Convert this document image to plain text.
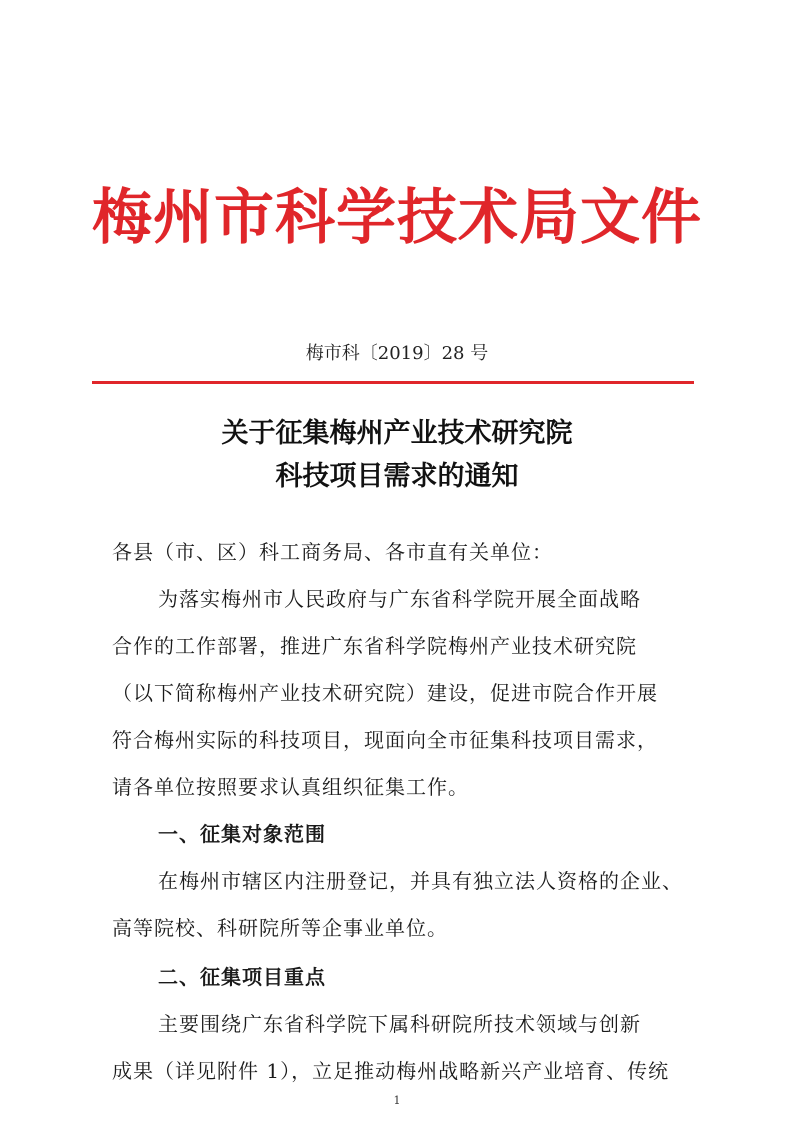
梅州市科学技术局文件
梅市科〔2019〕28 号
关于征集梅州产业技术研究院
科技项目需求的通知
各县（市、区）科工商务局、各市直有关单位：
为落实梅州市人民政府与广东省科学院开展全面战略
合作的工作部署，推进广东省科学院梅州产业技术研究院
（以下简称梅州产业技术研究院）建设，促进市院合作开展
符合梅州实际的科技项目，现面向全市征集科技项目需求，
请各单位按照要求认真组织征集工作。
一、征集对象范围
在梅州市辖区内注册登记，并具有独立法人资格的企业、
高等院校、科研院所等企事业单位。
二、征集项目重点
主要围绕广东省科学院下属科研院所技术领域与创新
成果（详见附件 1），立足推动梅州战略新兴产业培育、传统
1
